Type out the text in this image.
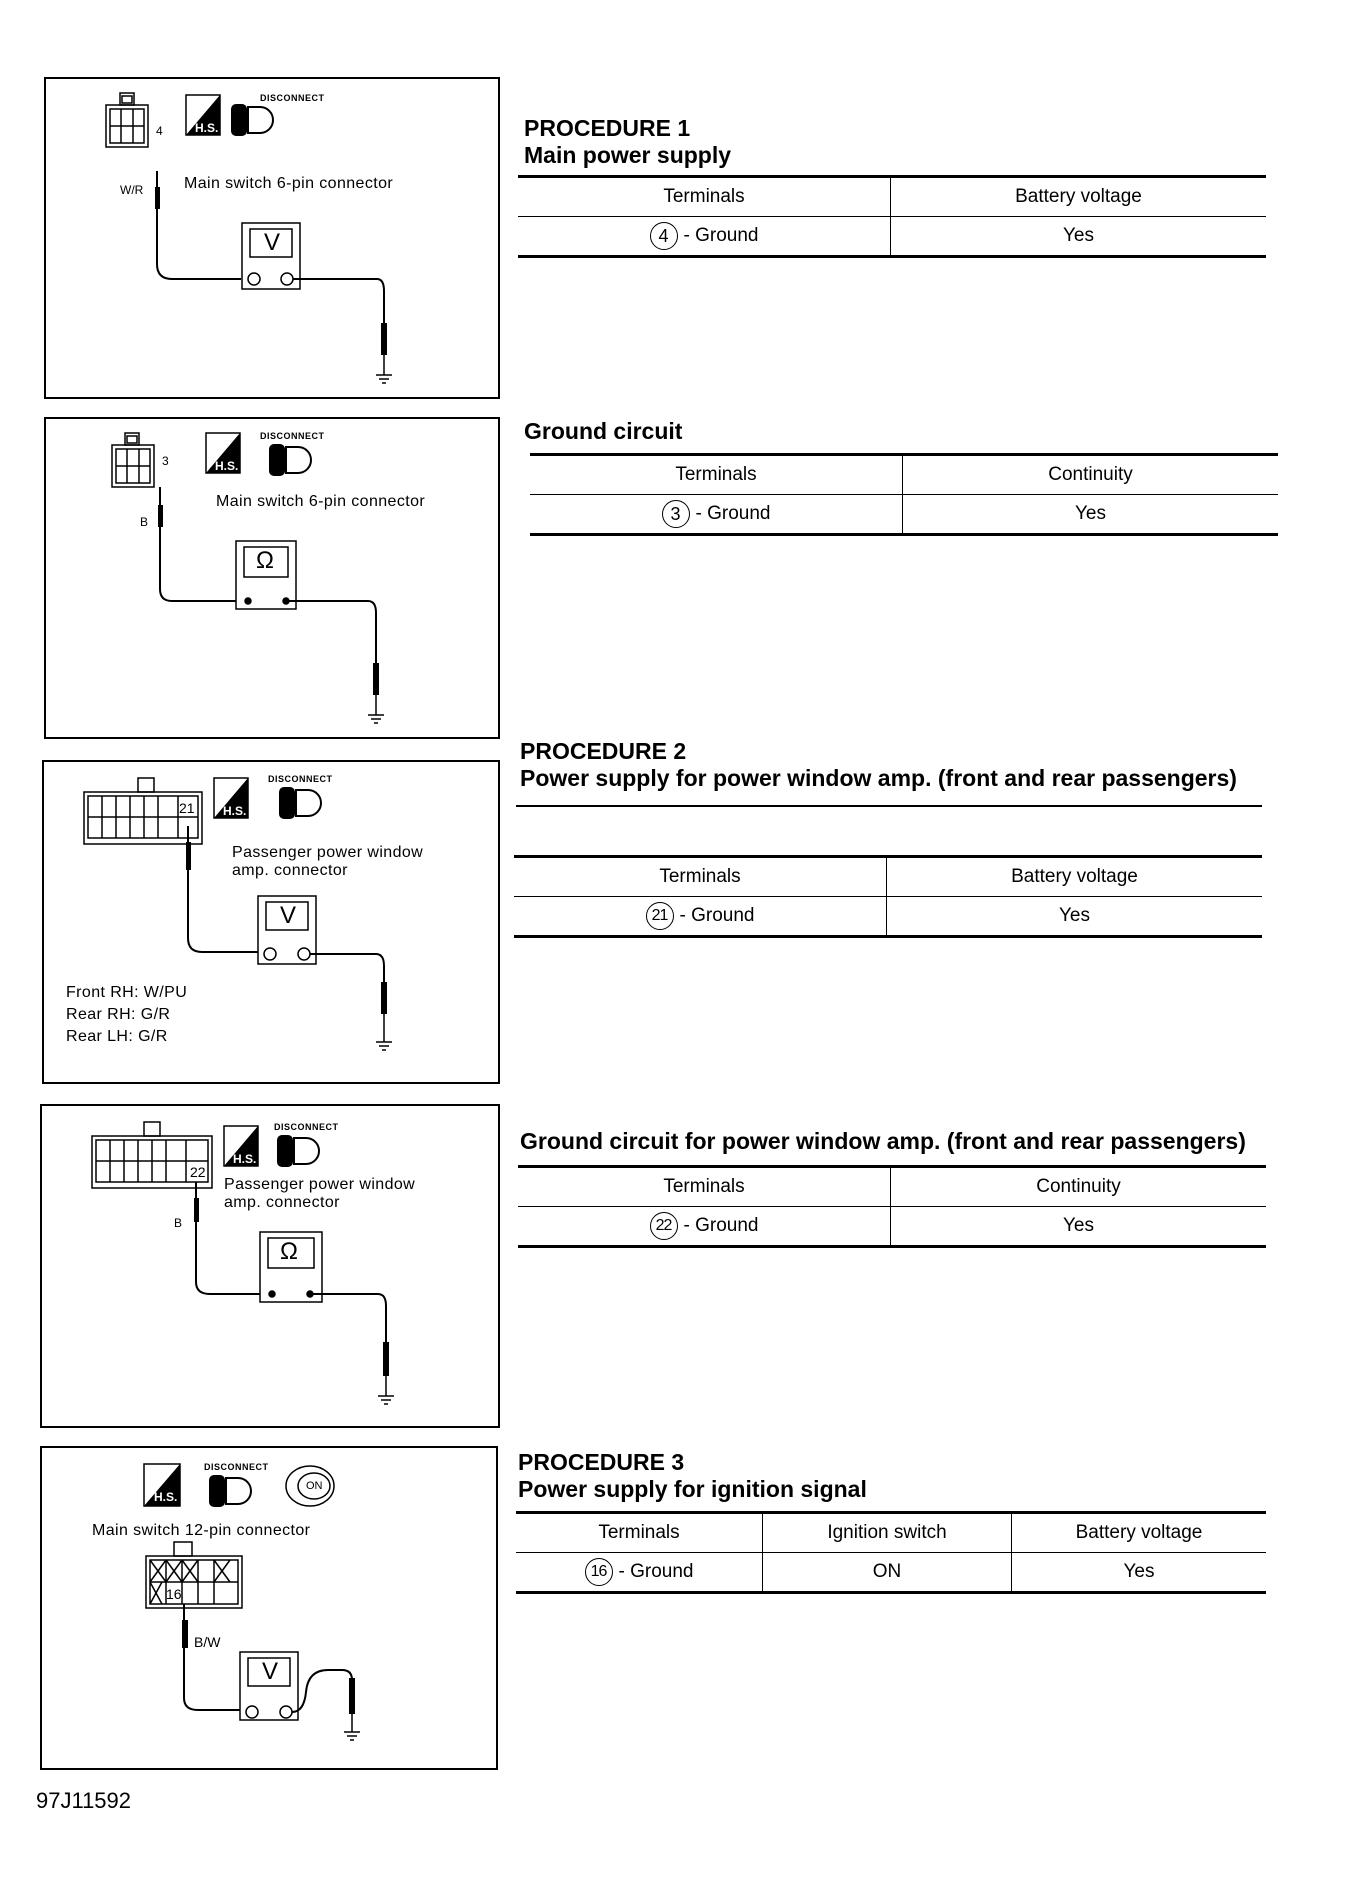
4
V
DISCONNECT
H.S.
Main switch 6-pin connector
W/R
3
Ω
DISCONNECT
H.S.
Main switch 6-pin connector
B
21
V
DISCONNECT
H.S.
Passenger power window amp. connector
Front RH: W/PU
Rear RH: G/R
Rear LH: G/R
22
Ω
DISCONNECT
H.S.
Passenger power window amp. connector
B
16
V
DISCONNECT
H.S.
ON
Main switch 12-pin connector
B/W
PROCEDURE 1
Main power supply
Terminals	Battery voltage
4 - Ground	Yes
Ground circuit
Terminals	Continuity
3 - Ground	Yes
PROCEDURE 2
Power supply for power window amp. (front and rear passengers)
Terminals	Battery voltage
21 - Ground	Yes
Ground circuit for power window amp. (front and rear passengers)
Terminals	Continuity
22 - Ground	Yes
PROCEDURE 3
Power supply for ignition signal
Terminals	Ignition switch	Battery voltage
16 - Ground	ON	Yes
97J11592
